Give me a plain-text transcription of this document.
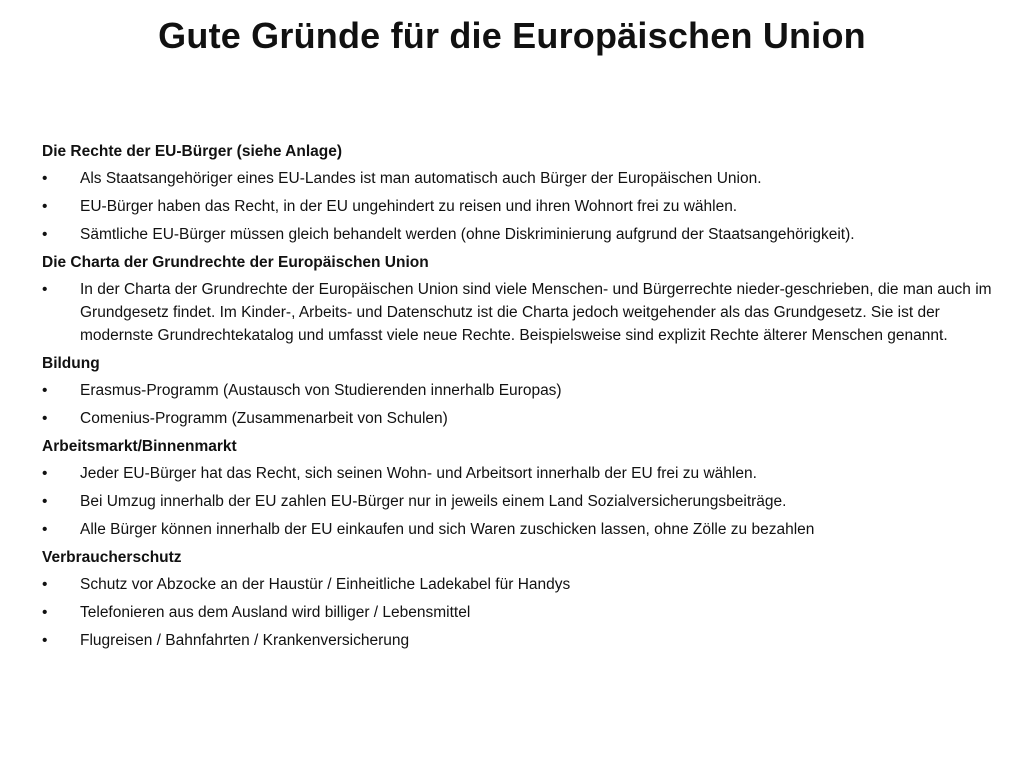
Gute Gründe für die Europäischen Union
Die Rechte der EU-Bürger (siehe Anlage)
• Als Staatsangehöriger eines EU-Landes ist man automatisch auch Bürger der Europäischen Union.
• EU-Bürger haben das Recht, in der EU ungehindert zu reisen und ihren Wohnort frei zu wählen.
• Sämtliche EU-Bürger müssen gleich behandelt werden (ohne Diskriminierung aufgrund der Staatsangehörigkeit).
Die Charta der Grundrechte der Europäischen Union
• In der Charta der Grundrechte der Europäischen Union sind viele Menschen- und Bürgerrechte nieder-geschrieben, die man auch im Grundgesetz findet. Im Kinder-, Arbeits- und Datenschutz ist die Charta jedoch weitgehender als das Grundgesetz. Sie ist der modernste Grundrechtekatalog und umfasst viele neue Rechte. Beispielsweise sind explizit Rechte älterer Menschen genannt.
Bildung
• Erasmus-Programm (Austausch von Studierenden innerhalb Europas)
• Comenius-Programm (Zusammenarbeit von Schulen)
Arbeitsmarkt/Binnenmarkt
• Jeder EU-Bürger hat das Recht, sich seinen Wohn- und Arbeitsort innerhalb der EU frei zu wählen.
• Bei Umzug innerhalb der EU zahlen EU-Bürger nur in jeweils einem Land Sozialversicherungsbeiträge.
• Alle Bürger können innerhalb der EU einkaufen und sich Waren zuschicken lassen, ohne Zölle zu bezahlen
Verbraucherschutz
• Schutz vor Abzocke an der Haustür / Einheitliche Ladekabel für Handys
• Telefonieren aus dem Ausland wird billiger / Lebensmittel
• Flugreisen / Bahnfahrten / Krankenversicherung
